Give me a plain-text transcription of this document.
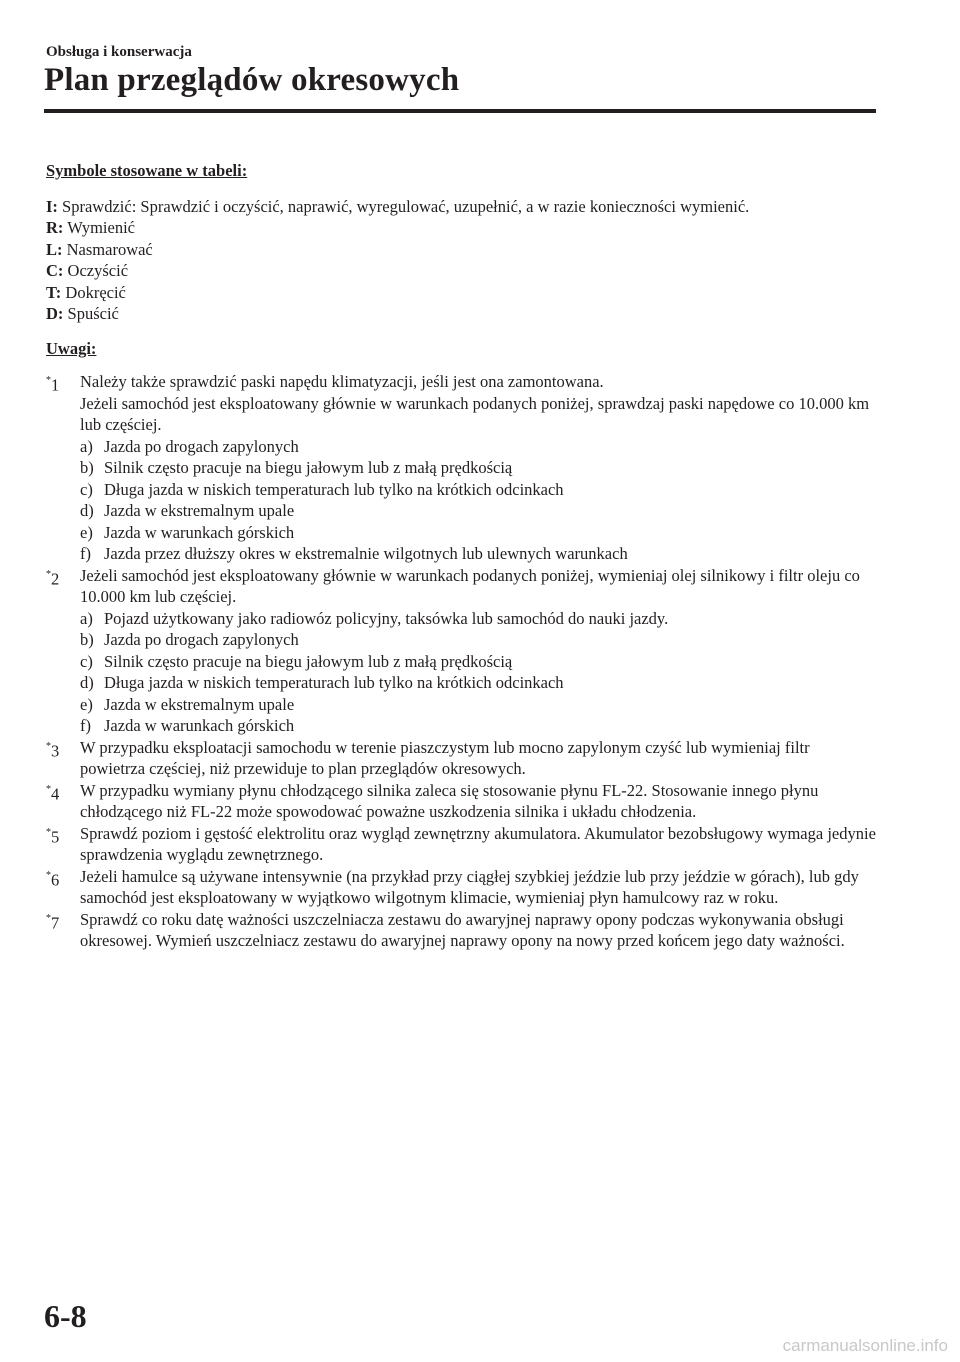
Obsługa i konserwacja
Plan przeglądów okresowych

Symbole stosowane w tabeli:

I: Sprawdzić: Sprawdzić i oczyścić, naprawić, wyregulować, uzupełnić, a w razie konieczności wymienić.

R: Wymienić

L: Nasmarować

C: Oczyścić

T: Dokręcić

D: Spuścić

Uwagi:

*1 Należy także sprawdzić paski napędu klimatyzacji, jeśli jest ona zamontowana.

Jeżeli samochód jest eksploatowany głównie w warunkach podanych poniżej, sprawdzaj paski napędowe co 10.000 km lub częściej.

a) Jazda po drogach zapylonych
b) Silnik często pracuje na biegu jałowym lub z małą prędkością
c) Długa jazda w niskich temperaturach lub tylko na krótkich odcinkach
d) Jazda w ekstremalnym upale
e) Jazda w warunkach górskich
f) Jazda przez dłuższy okres w ekstremalnie wilgotnych lub ulewnych warunkach
*2 Jeżeli samochód jest eksploatowany głównie w warunkach podanych poniżej, wymieniaj olej silnikowy i filtr oleju co 10.000 km lub częściej.

a) Pojazd użytkowany jako radiowóz policyjny, taksówka lub samochód do nauki jazdy.
b) Jazda po drogach zapylonych
c) Silnik często pracuje na biegu jałowym lub z małą prędkością
d) Długa jazda w niskich temperaturach lub tylko na krótkich odcinkach
e) Jazda w ekstremalnym upale
f) Jazda w warunkach górskich
*3 W przypadku eksploatacji samochodu w terenie piaszczystym lub mocno zapylonym czyść lub wymieniaj filtr powietrza częściej, niż przewiduje to plan przeglądów okresowych.

*4 W przypadku wymiany płynu chłodzącego silnika zaleca się stosowanie płynu FL-22. Stosowanie innego płynu chłodzącego niż FL-22 może spowodować poważne uszkodzenia silnika i układu chłodzenia.

*5 Sprawdź poziom i gęstość elektrolitu oraz wygląd zewnętrzny akumulatora. Akumulator bezobsługowy wymaga jedynie sprawdzenia wyglądu zewnętrznego.

*6 Jeżeli hamulce są używane intensywnie (na przykład przy ciągłej szybkiej jeździe lub przy jeździe w górach), lub gdy samochód jest eksploatowany w wyjątkowo wilgotnym klimacie, wymieniaj płyn hamulcowy raz w roku.

*7 Sprawdź co roku datę ważności uszczelniacza zestawu do awaryjnej naprawy opony podczas wykonywania obsługi okresowej. Wymień uszczelniacz zestawu do awaryjnej naprawy opony na nowy przed końcem jego daty ważności.

6-8
carmanualsonline.info
